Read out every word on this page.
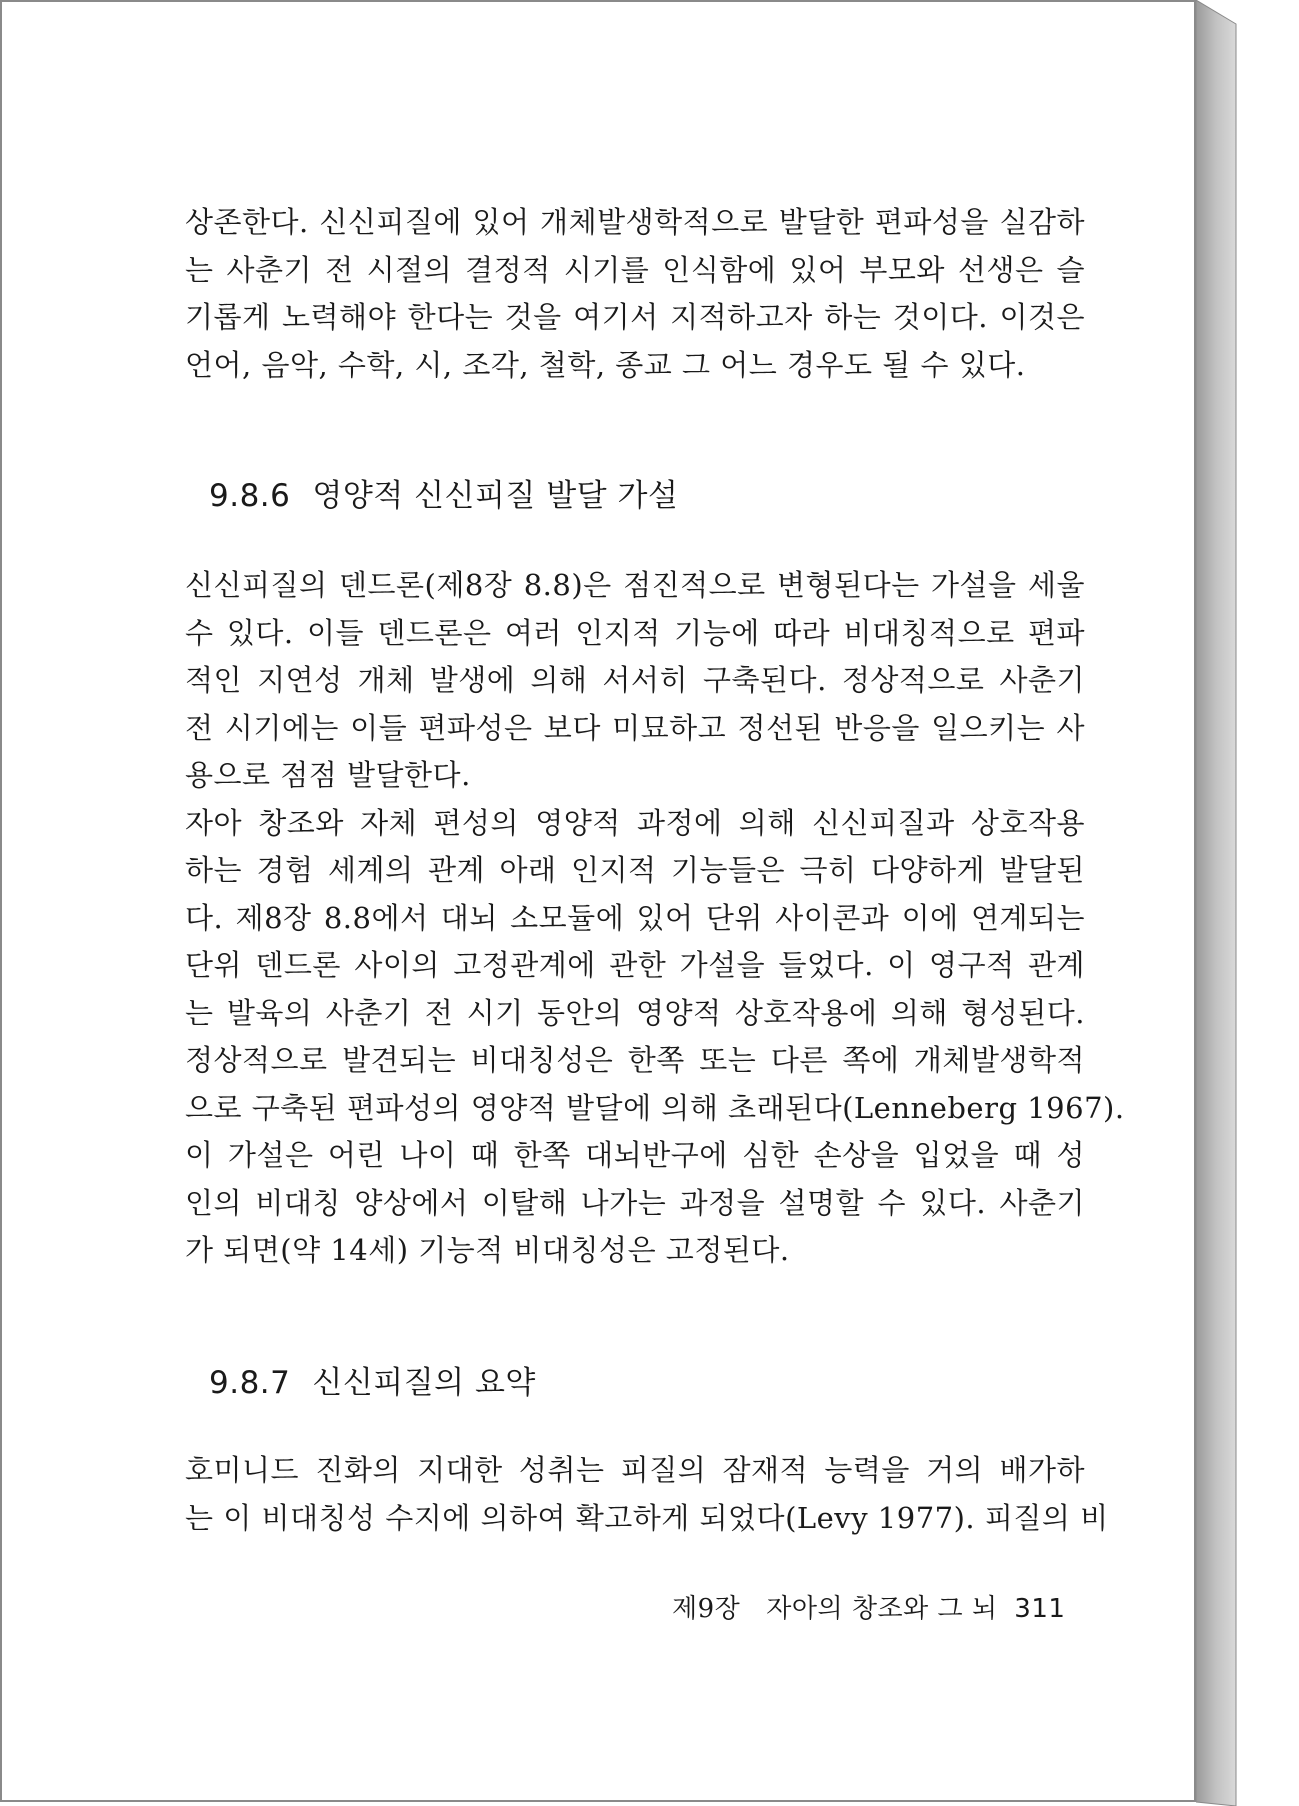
상존한다. 신신피질에 있어 개체발생학적으로 발달한 편파성을 실감하
는 사춘기 전 시절의 결정적 시기를 인식함에 있어 부모와 선생은 슬
기롭게 노력해야 한다는 것을 여기서 지적하고자 하는 것이다. 이것은
언어, 음악, 수학, 시, 조각, 철학, 종교 그 어느 경우도 될 수 있다.
9.8.6 영양적 신신피질 발달 가설
신신피질의 덴드론(제8장 8.8)은 점진적으로 변형된다는 가설을 세울
수 있다. 이들 덴드론은 여러 인지적 기능에 따라 비대칭적으로 편파
적인 지연성 개체 발생에 의해 서서히 구축된다. 정상적으로 사춘기
전 시기에는 이들 편파성은 보다 미묘하고 정선된 반응을 일으키는 사
용으로 점점 발달한다.
자아 창조와 자체 편성의 영양적 과정에 의해 신신피질과 상호작용
하는 경험 세계의 관계 아래 인지적 기능들은 극히 다양하게 발달된
다. 제8장 8.8에서 대뇌 소모듈에 있어 단위 사이콘과 이에 연계되는
단위 덴드론 사이의 고정관계에 관한 가설을 들었다. 이 영구적 관계
는 발육의 사춘기 전 시기 동안의 영양적 상호작용에 의해 형성된다.
정상적으로 발견되는 비대칭성은 한쪽 또는 다른 쪽에 개체발생학적
으로 구축된 편파성의 영양적 발달에 의해 초래된다(Lenneberg 1967).
이 가설은 어린 나이 때 한쪽 대뇌반구에 심한 손상을 입었을 때 성
인의 비대칭 양상에서 이탈해 나가는 과정을 설명할 수 있다. 사춘기
가 되면(약 14세) 기능적 비대칭성은 고정된다.
9.8.7 신신피질의 요약
호미니드 진화의 지대한 성취는 피질의 잠재적 능력을 거의 배가하
는 이 비대칭성 수지에 의하여 확고하게 되었다(Levy 1977). 피질의 비
제9장 자아의 창조와 그 뇌 311
